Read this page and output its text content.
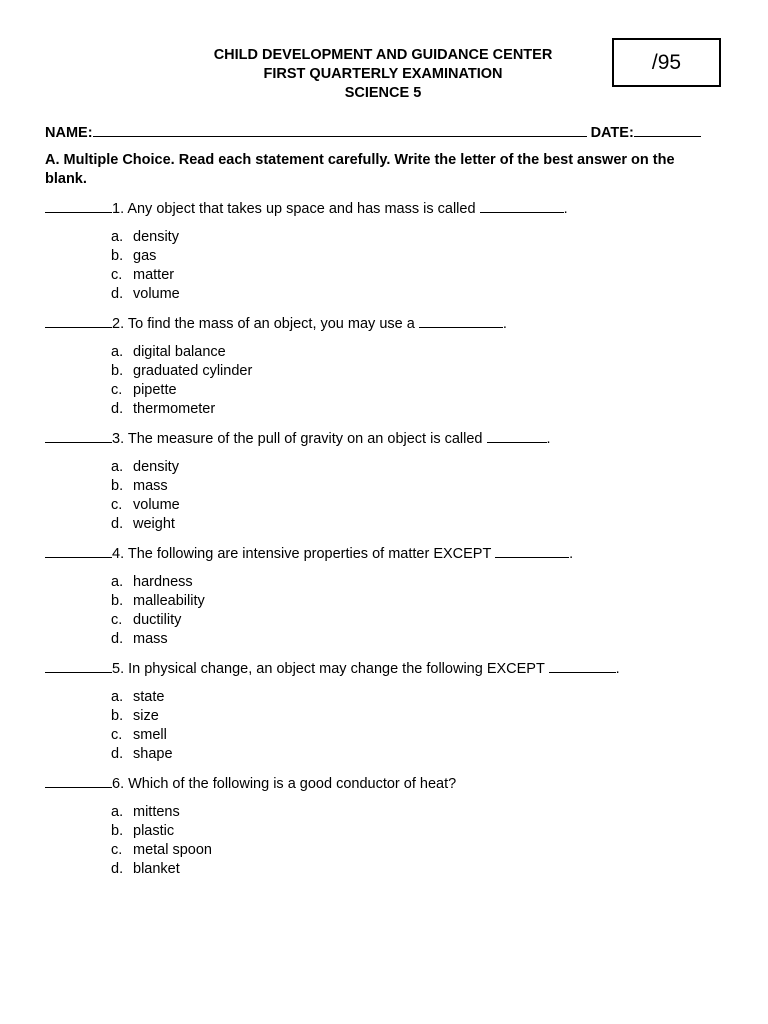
CHILD DEVELOPMENT AND GUIDANCE CENTER
FIRST QUARTERLY EXAMINATION
SCIENCE 5
/95
NAME:	DATE:
A. Multiple Choice. Read each statement carefully. Write the letter of the best answer on the blank.
1. Any object that takes up space and has mass is called	.
a. density
b. gas
c. matter
d. volume
2. To find the mass of an object, you may use a	.
a. digital balance
b. graduated cylinder
c. pipette
d. thermometer
3. The measure of the pull of gravity on an object is called	.
a. density
b. mass
c. volume
d. weight
4. The following are intensive properties of matter EXCEPT	.
a. hardness
b. malleability
c. ductility
d. mass
5. In physical change, an object may change the following EXCEPT	.
a. state
b. size
c. smell
d. shape
6. Which of the following is a good conductor of heat?
a. mittens
b. plastic
c. metal spoon
d. blanket
